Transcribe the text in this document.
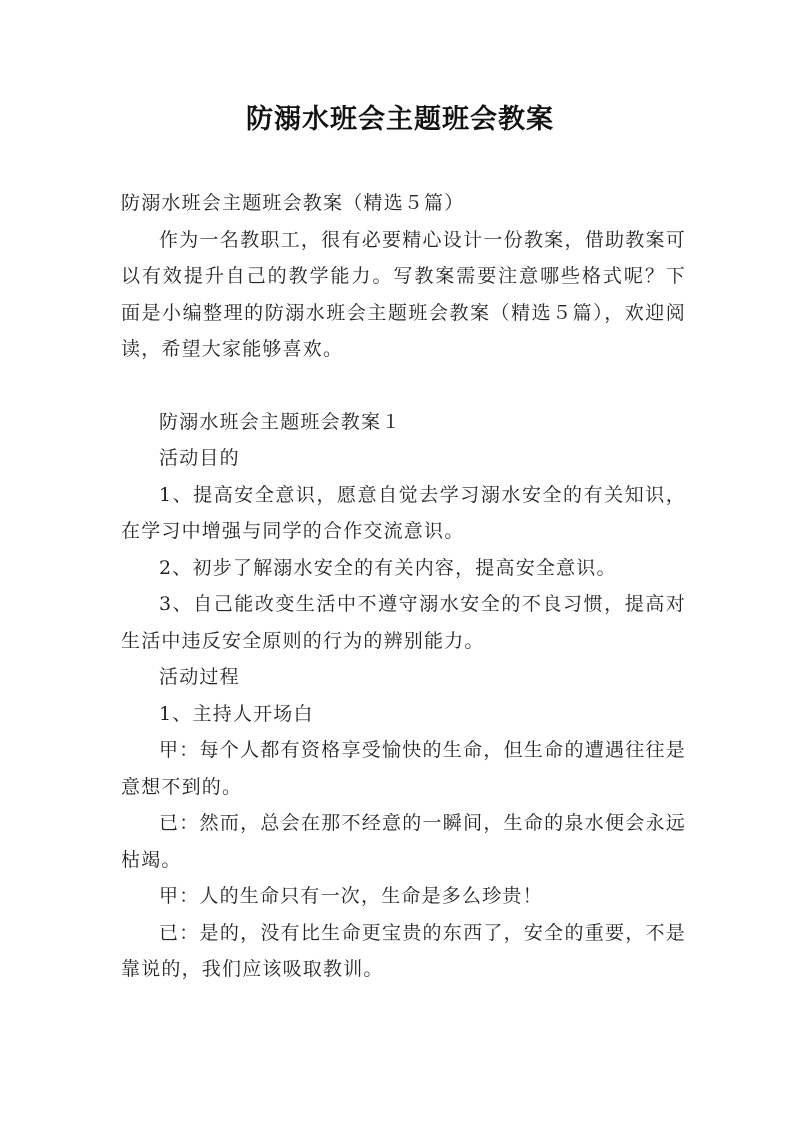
防溺水班会主题班会教案

防溺水班会主题班会教案（精选５篇）

作为一名教职工，很有必要精心设计一份教案，借助教案可以有效提升自己的教学能力。写教案需要注意哪些格式呢？下面是小编整理的防溺水班会主题班会教案（精选５篇），欢迎阅读，希望大家能够喜欢。

防溺水班会主题班会教案１

活动目的

1、提高安全意识，愿意自觉去学习溺水安全的有关知识，在学习中增强与同学的合作交流意识。

2、初步了解溺水安全的有关内容，提高安全意识。

3、自己能改变生活中不遵守溺水安全的不良习惯，提高对生活中违反安全原则的行为的辨别能力。

活动过程

1、主持人开场白

甲：每个人都有资格享受愉快的生命，但生命的遭遇往往是意想不到的。

已：然而，总会在那不经意的一瞬间，生命的泉水便会永远枯竭。

甲：人的生命只有一次，生命是多么珍贵！

已：是的，没有比生命更宝贵的东西了，安全的重要，不是靠说的，我们应该吸取教训。
